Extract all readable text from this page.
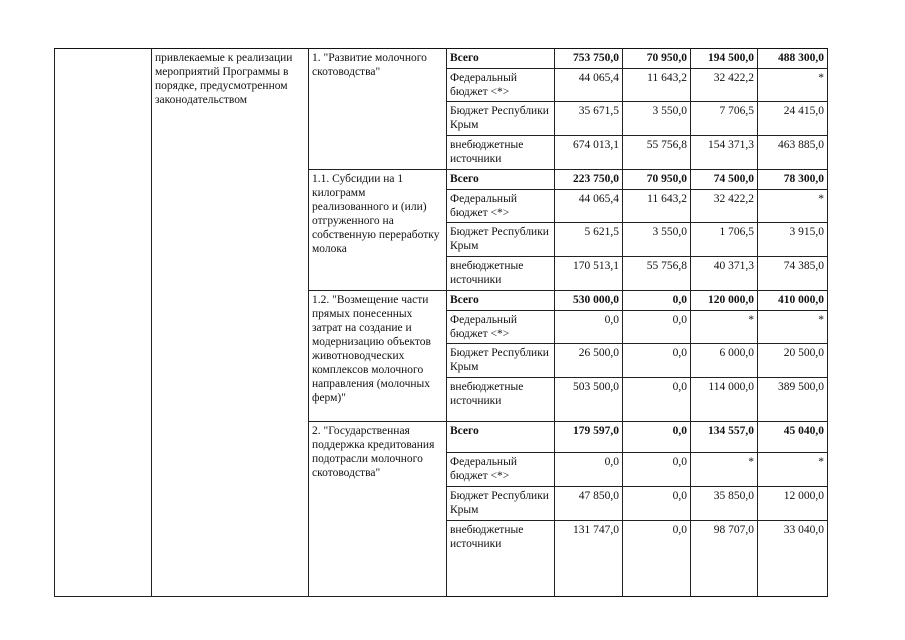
	привлекаемые к реализации мероприятий Программы в порядке, предусмотренном законодательством	1. "Развитие молочного скотоводства"	Всего	753 750,0	70 950,0	194 500,0	488 300,0
			Федеральный бюджет <*>	44 065,4	11 643,2	32 422,2	*
			Бюджет Республики Крым	35 671,5	3 550,0	7 706,5	24 415,0
			внебюджетные источники	674 013,1	55 756,8	154 371,3	463 885,0
		1.1. Субсидии на 1 килограмм реализованного и (или) отгруженного на собственную переработку молока	Всего	223 750,0	70 950,0	74 500,0	78 300,0
			Федеральный бюджет <*>	44 065,4	11 643,2	32 422,2	*
			Бюджет Республики Крым	5 621,5	3 550,0	1 706,5	3 915,0
			внебюджетные источники	170 513,1	55 756,8	40 371,3	74 385,0
		1.2. "Возмещение части прямых понесенных затрат на создание и модернизацию объектов животноводческих комплексов молочного направления (молочных ферм)"	Всего	530 000,0	0,0	120 000,0	410 000,0
			Федеральный бюджет <*>	0,0	0,0	*	*
			Бюджет Республики Крым	26 500,0	0,0	6 000,0	20 500,0
			внебюджетные источники	503 500,0	0,0	114 000,0	389 500,0
		2. "Государственная поддержка кредитования подотрасли молочного скотоводства"	Всего	179 597,0	0,0	134 557,0	45 040,0
			Федеральный бюджет <*>	0,0	0,0	*	*
			Бюджет Республики Крым	47 850,0	0,0	35 850,0	12 000,0
			внебюджетные источники	131 747,0	0,0	98 707,0	33 040,0
